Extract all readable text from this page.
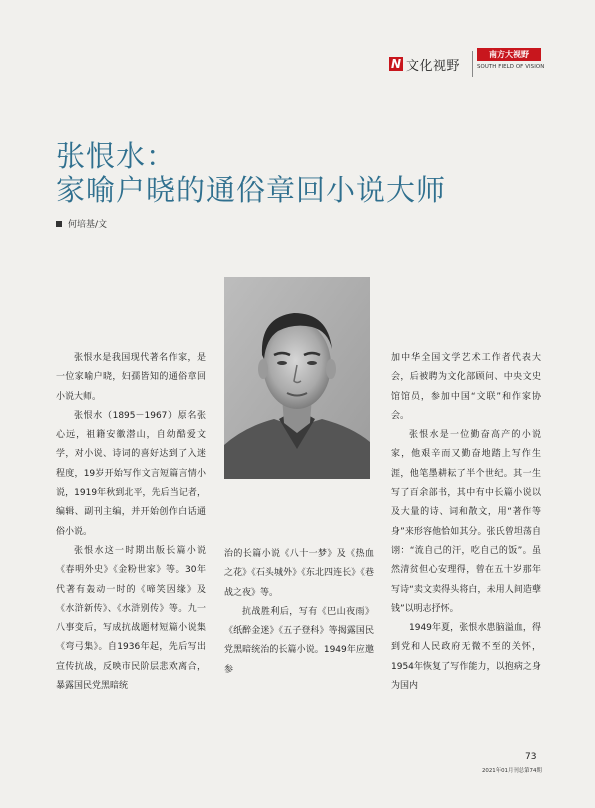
N 文化视野
南方大视野
SOUTH FIELD OF VISION
张恨水：
家喻户晓的通俗章回小说大师
何培基/文

张恨水是我国现代著名作家，是一位家喻户晓，妇孺皆知的通俗章回小说大师。

张恨水（1895－1967）原名张心远，祖籍安徽潜山，自幼酷爱文学，对小说、诗词的喜好达到了入迷程度，19岁开始写作文言短篇言情小说，1919年秋到北平，先后当记者，编辑、副刊主编，并开始创作白话通俗小说。

张恨水这一时期出版长篇小说《春明外史》《金粉世家》等。30年代著有轰动一时的《啼笑因缘》及《水浒新传》、《水浒别传》等。九一八事变后，写成抗战题材短篇小说集《弯弓集》。自1936年起，先后写出宣传抗战，反映市民阶层悲欢离合，暴露国民党黑暗统

治的长篇小说《八十一梦》及《热血之花》《石头城外》《东北四连长》《巷战之夜》等。

抗战胜利后，写有《巴山夜雨》《纸醉金迷》《五子登科》等揭露国民党黑暗统治的长篇小说。1949年应邀参

加中华全国文学艺术工作者代表大会，后被聘为文化部顾问、中央文史馆馆员，参加中国“文联”和作家协会。

张恨水是一位勤奋高产的小说家，他艰辛而又勤奋地踏上写作生涯，他笔墨耕耘了半个世纪。其一生写了百余部书，其中有中长篇小说以及大量的诗、词和散文，用“著作等身”来形容他恰如其分。张氏曾坦荡自诩：“流自己的汗，吃自己的饭”。虽然清贫但心安理得，曾在五十岁那年写诗“卖文卖得头将白，未用人间造孽钱”以明志抒怀。

1949年夏，张恨水患脑溢血，得到党和人民政府无微不至的关怀，1954年恢复了写作能力，以抱病之身为国内

73
2021年01月刊总第74期
